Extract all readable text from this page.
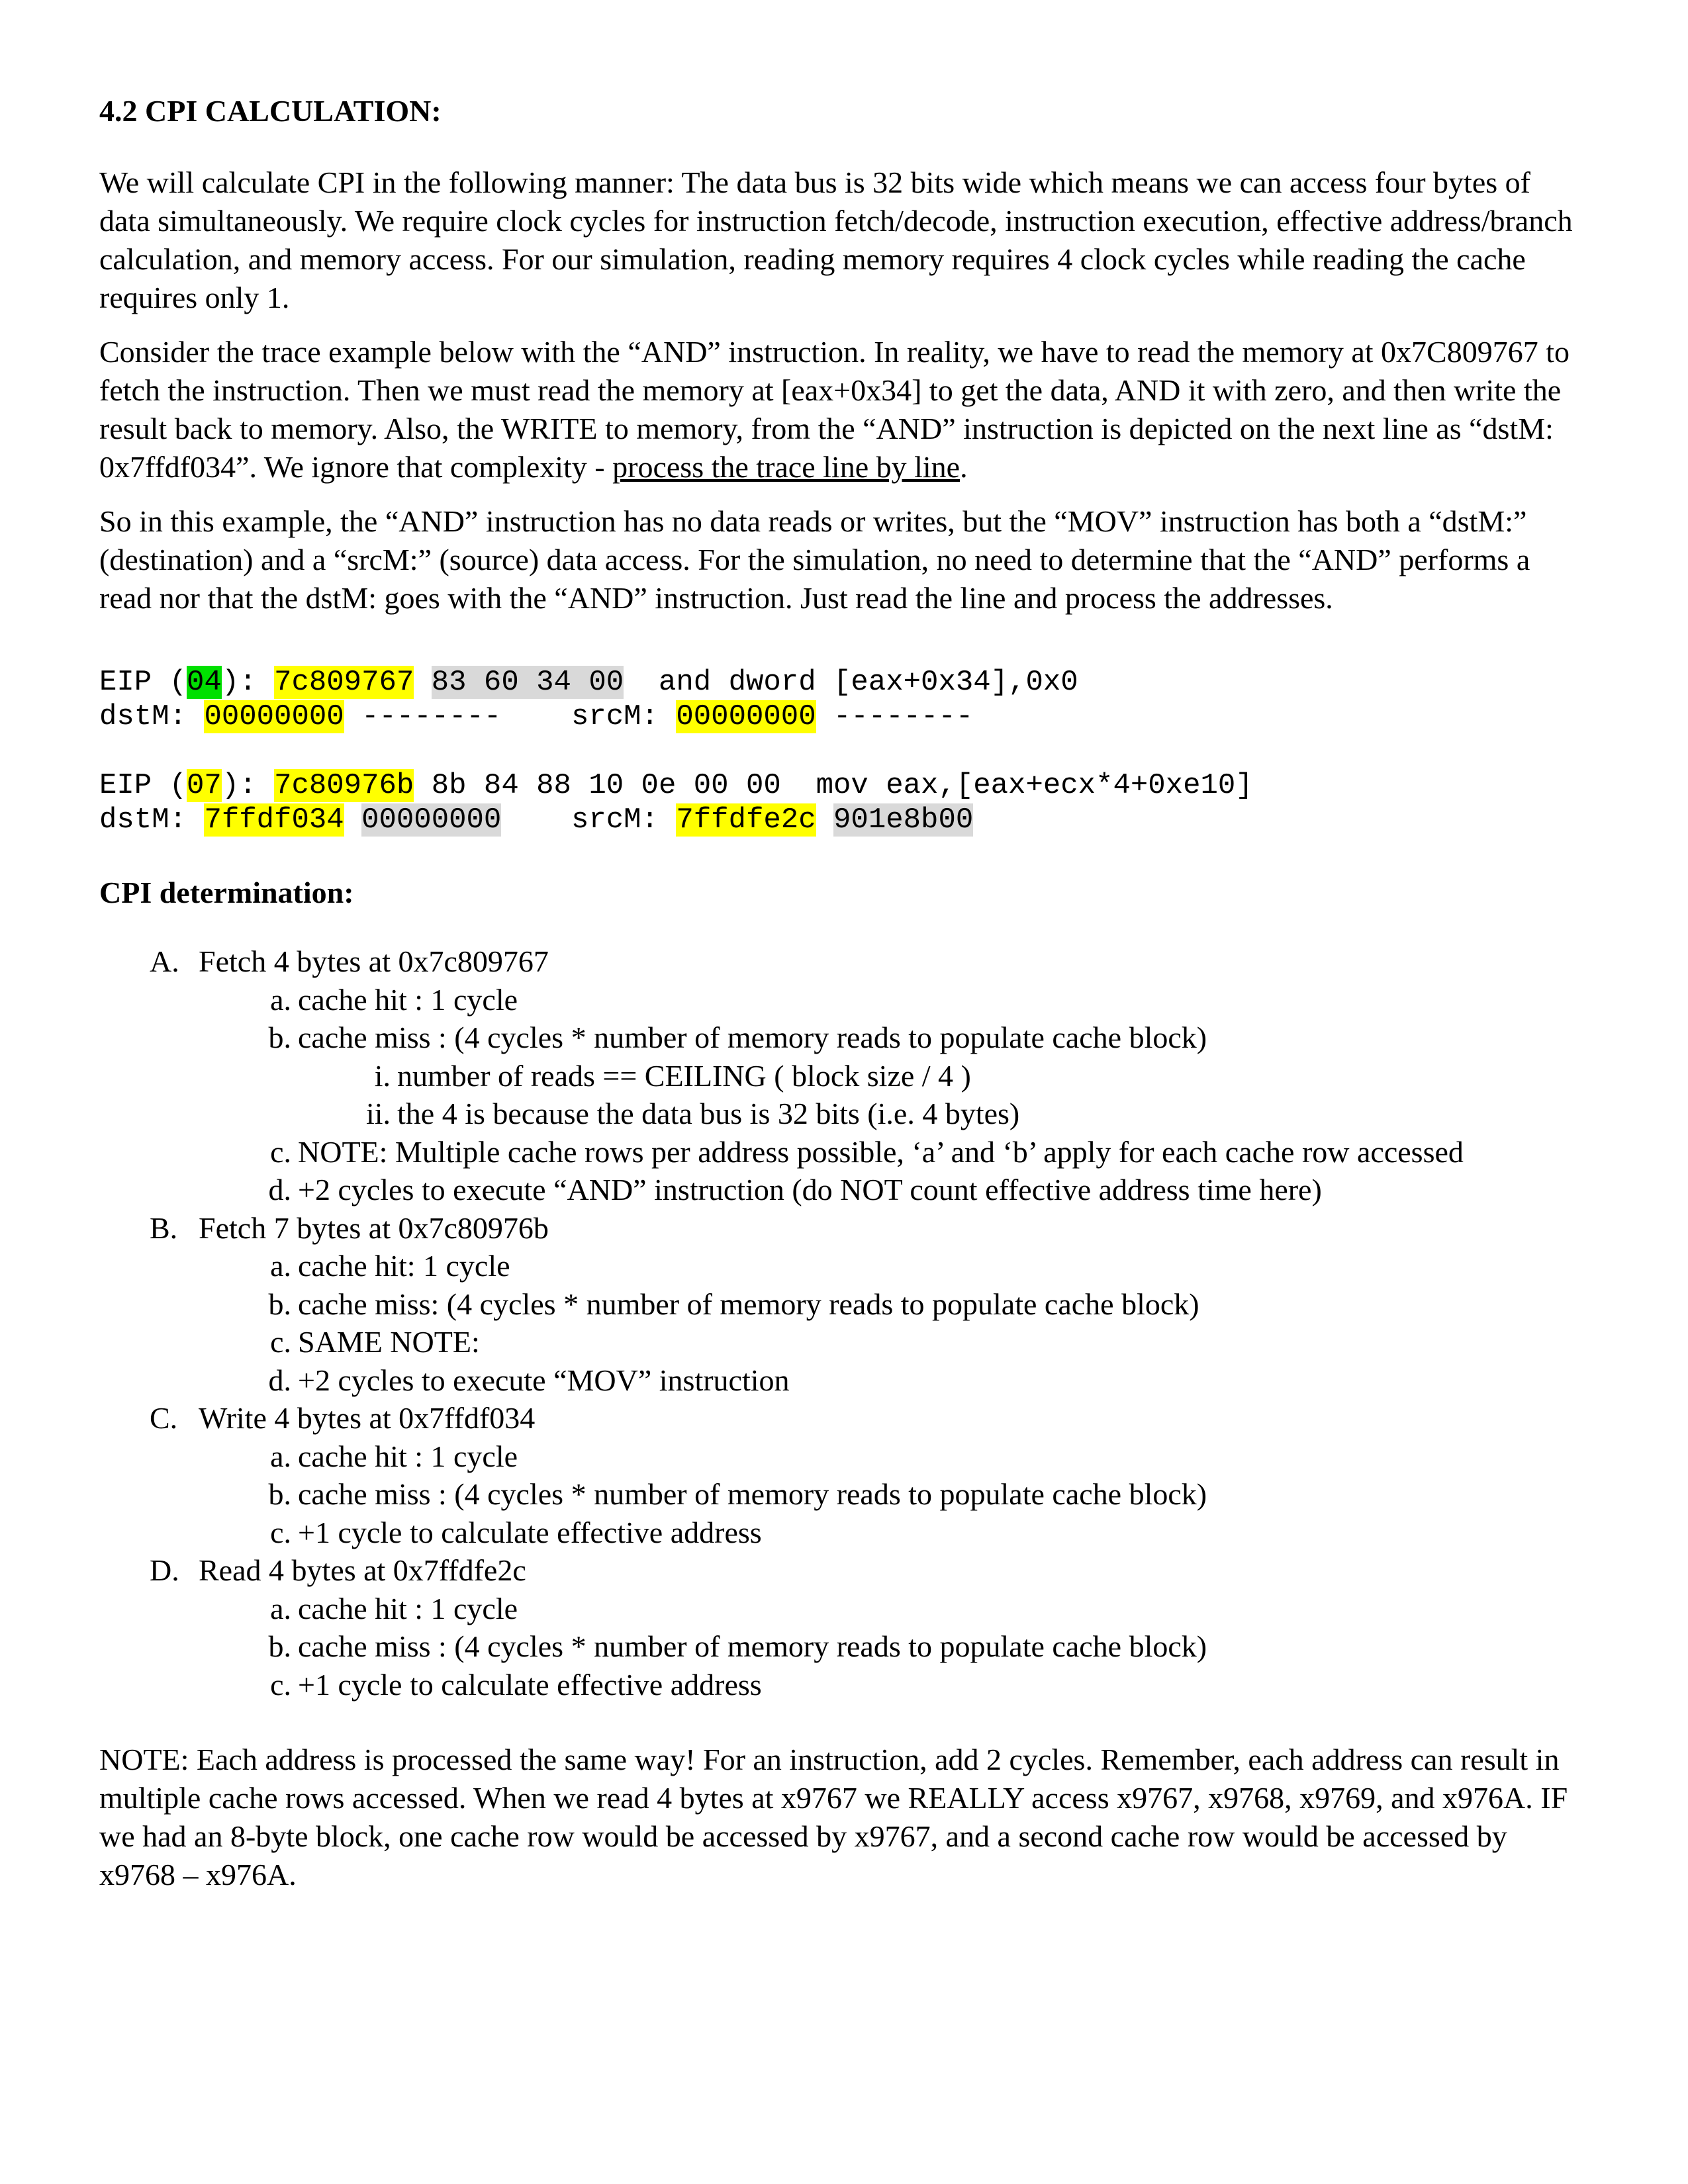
4.2 CPI CALCULATION:

We will calculate CPI in the following manner: The data bus is 32 bits wide which means we can access four bytes of data simultaneously. We require clock cycles for instruction fetch/decode, instruction execution, effective address/branch calculation, and memory access. For our simulation, reading memory requires 4 clock cycles while reading the cache requires only 1.

Consider the trace example below with the “AND” instruction. In reality, we have to read the memory at 0x7C809767 to fetch the instruction. Then we must read the memory at [eax+0x34] to get the data, AND it with zero, and then write the result back to memory. Also, the WRITE to memory, from the “AND” instruction is depicted on the next line as “dstM: 0x7ffdf034”. We ignore that complexity - process the trace line by line.

So in this example, the “AND” instruction has no data reads or writes, but the “MOV” instruction has both a “dstM:” (destination) and a “srcM:” (source) data access. For the simulation, no need to determine that the “AND” performs a read nor that the dstM: goes with the “AND” instruction. Just read the line and process the addresses.

EIP (04): 7c809767 83 60 34 00 and dword [eax+0x34],0x0
dstM: 00000000 -------- srcM: 00000000 --------
EIP (07): 7c80976b 8b 84 88 10 0e 00 00 mov eax,[eax+ecx*4+0xe10]
dstM: 7ffdf034 00000000 srcM: 7ffdfe2c 901e8b00
CPI determination:
A. Fetch 4 bytes at 0x7c809767
a. cache hit : 1 cycle
b. cache miss : (4 cycles * number of memory reads to populate cache block)
i. number of reads == CEILING ( block size / 4 )
ii. the 4 is because the data bus is 32 bits (i.e. 4 bytes)
c. NOTE: Multiple cache rows per address possible, ‘a’ and ‘b’ apply for each cache row accessed
d. +2 cycles to execute “AND” instruction (do NOT count effective address time here)
B. Fetch 7 bytes at 0x7c80976b
a. cache hit: 1 cycle
b. cache miss: (4 cycles * number of memory reads to populate cache block)
c. SAME NOTE:
d. +2 cycles to execute “MOV” instruction
C. Write 4 bytes at 0x7ffdf034
a. cache hit : 1 cycle
b. cache miss : (4 cycles * number of memory reads to populate cache block)
c. +1 cycle to calculate effective address
D. Read 4 bytes at 0x7ffdfe2c
a. cache hit : 1 cycle
b. cache miss : (4 cycles * number of memory reads to populate cache block)
c. +1 cycle to calculate effective address

NOTE: Each address is processed the same way! For an instruction, add 2 cycles. Remember, each address can result in multiple cache rows accessed. When we read 4 bytes at x9767 we REALLY access x9767, x9768, x9769, and x976A. IF we had an 8-byte block, one cache row would be accessed by x9767, and a second cache row would be accessed by x9768 – x976A.
